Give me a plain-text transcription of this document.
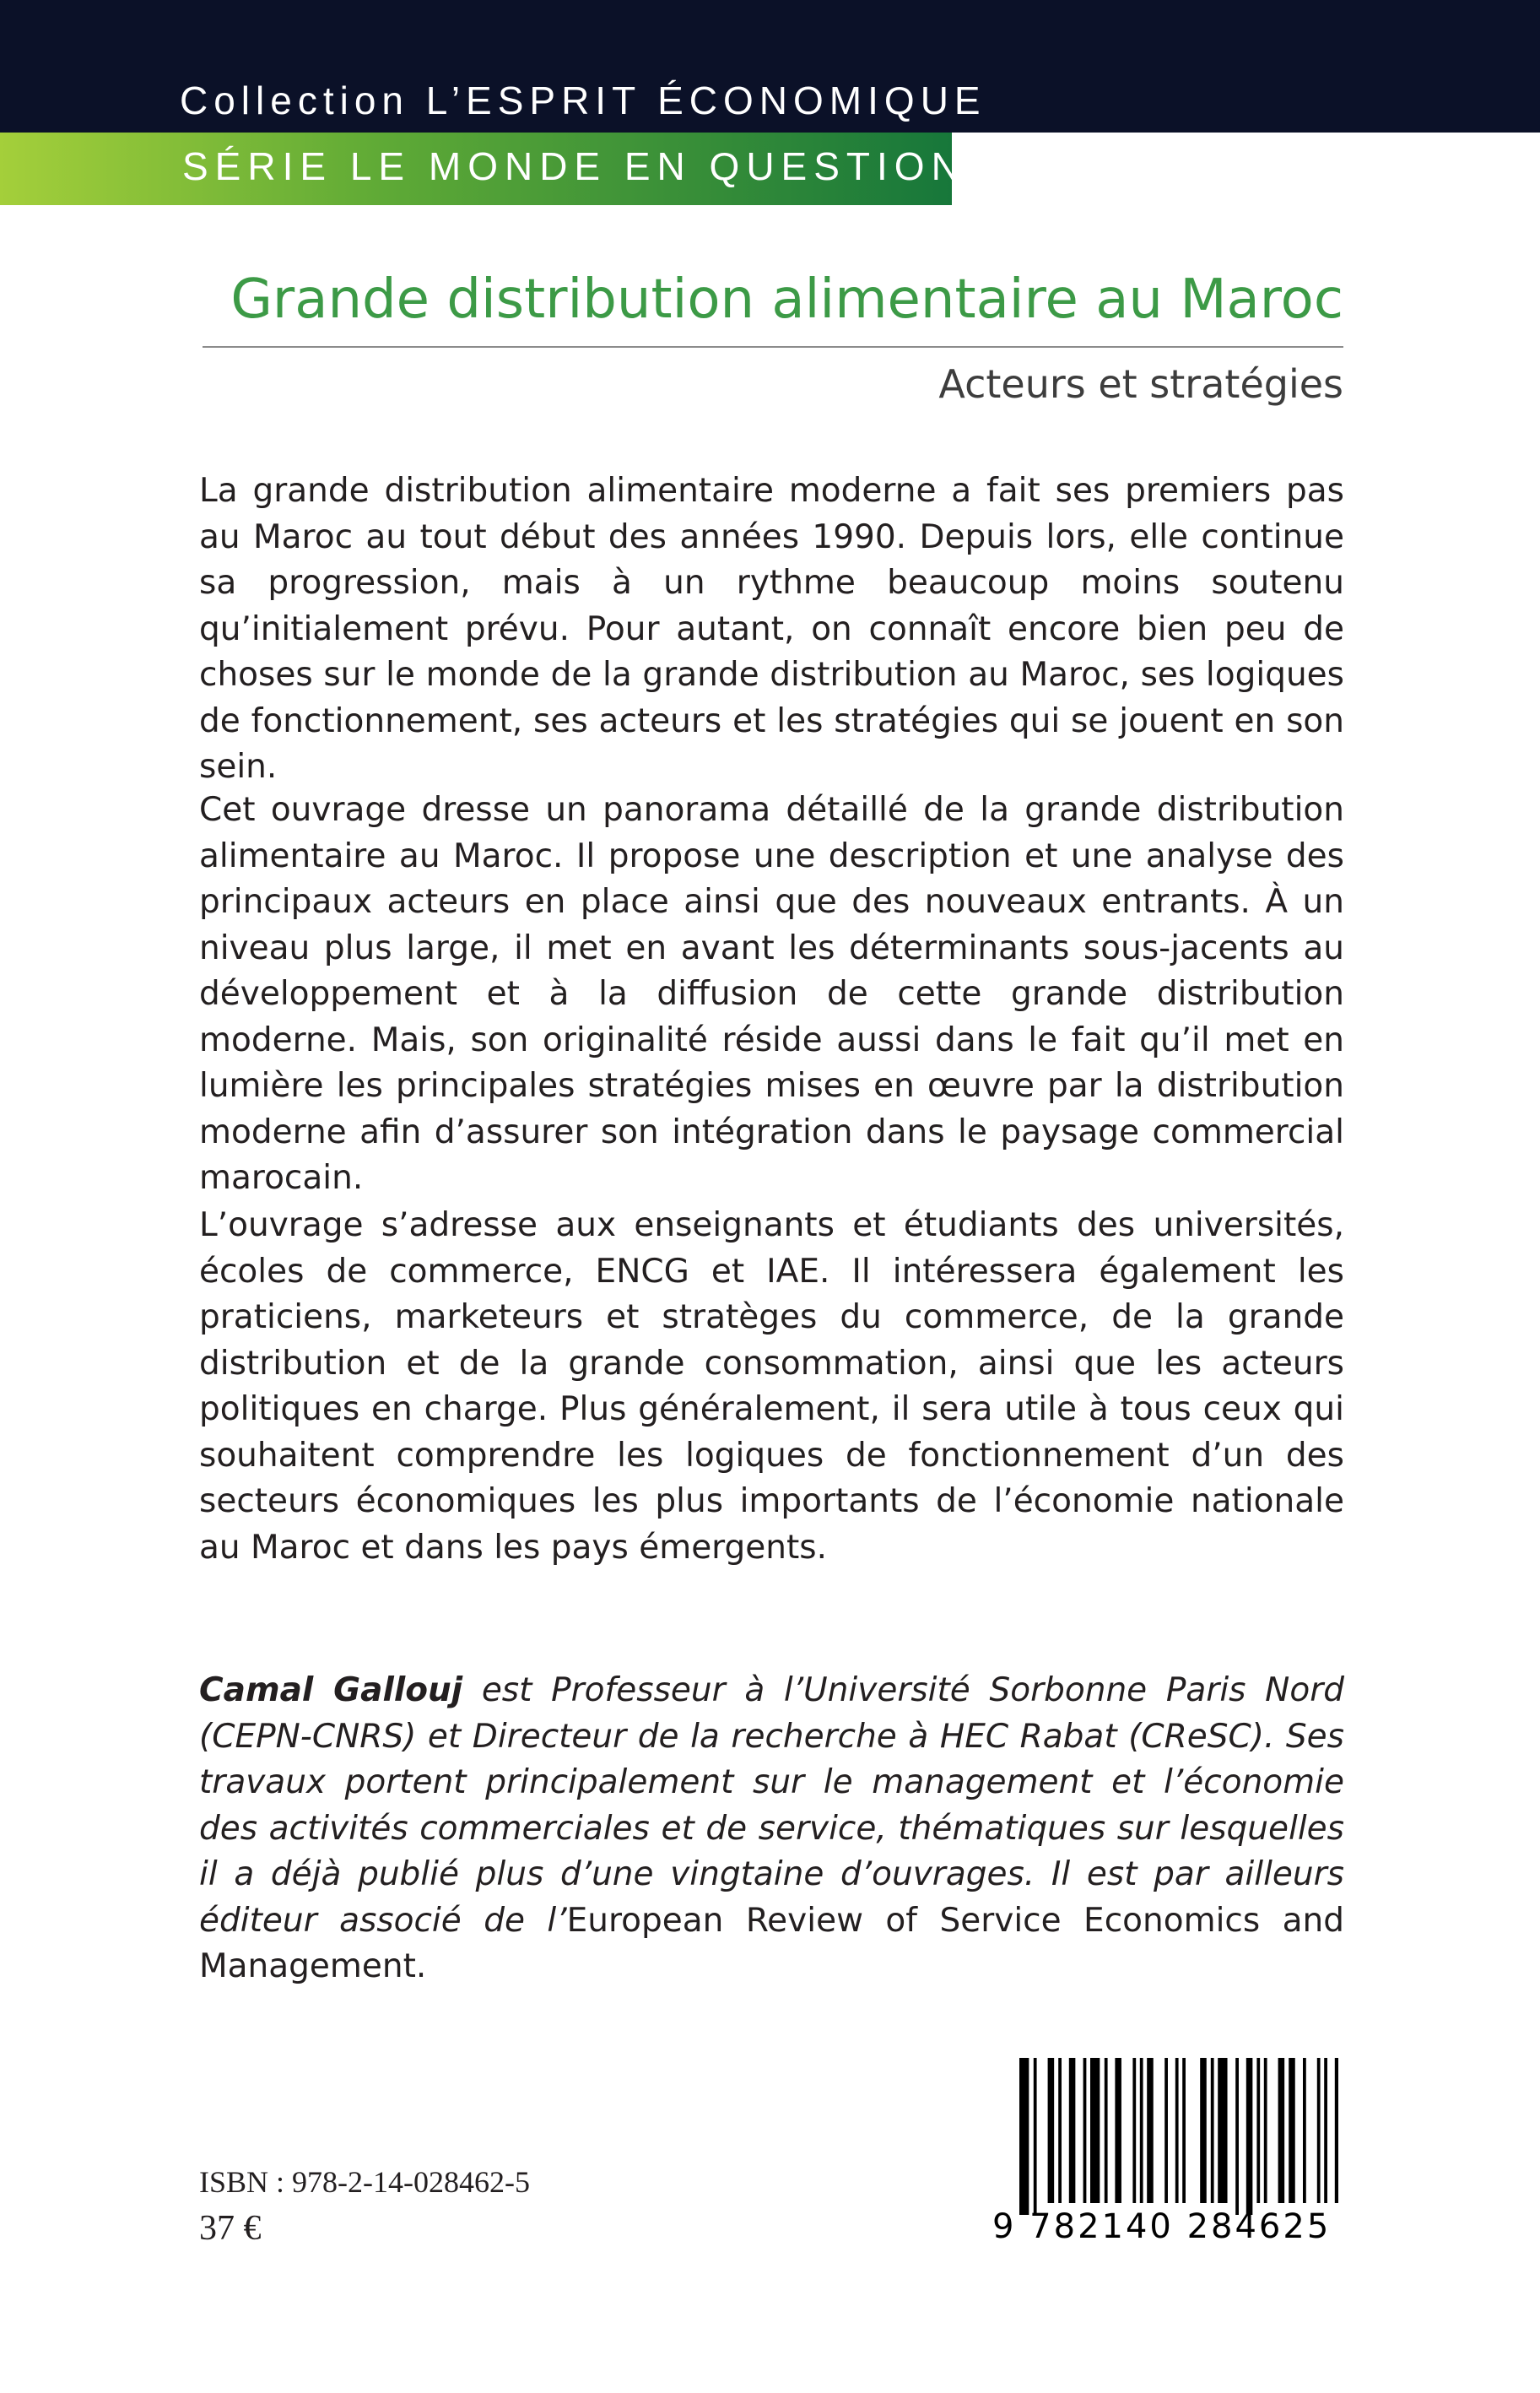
Collection L’ESPRIT ÉCONOMIQUE
SÉRIE LE MONDE EN QUESTION
Grande distribution alimentaire au Maroc
Acteurs et stratégies

La grande distribution alimentaire moderne a fait ses premiers pas au Maroc au tout début des années 1990. Depuis lors, elle continue sa progression, mais à un rythme beaucoup moins soutenu qu’initialement prévu. Pour autant, on connaît encore bien peu de choses sur le monde de la grande distribution au Maroc, ses logiques de fonctionnement, ses acteurs et les stratégies qui se jouent en son sein.

Cet ouvrage dresse un panorama détaillé de la grande distribution alimentaire au Maroc. Il propose une description et une analyse des principaux acteurs en place ainsi que des nouveaux entrants. À un niveau plus large, il met en avant les déterminants sous-jacents au développement et à la diffusion de cette grande distribution moderne. Mais, son originalité réside aussi dans le fait qu’il met en lumière les principales stratégies mises en œuvre par la distribution moderne afin d’assurer son intégration dans le paysage commercial marocain.

L’ouvrage s’adresse aux enseignants et étudiants des universités, écoles de commerce, ENCG et IAE. Il intéressera également les praticiens, marketeurs et stratèges du commerce, de la grande distribution et de la grande consommation, ainsi que les acteurs politiques en charge. Plus généralement, il sera utile à tous ceux qui souhaitent comprendre les logiques de fonctionnement d’un des secteurs économiques les plus importants de l’économie nationale au Maroc et dans les pays émergents.

Camal Gallouj est Professeur à l’Université Sorbonne Paris Nord (CEPN-CNRS) et Directeur de la recherche à HEC Rabat (CReSC). Ses travaux portent principalement sur le management et l’économie des activités commerciales et de service, thématiques sur lesquelles il a déjà publié plus d’une vingtaine d’ouvrages. Il est par ailleurs éditeur associé de l’European Review of Service Economics and Management.

ISBN : 978-2-14-028462-5
37 €	9 782140 284625
